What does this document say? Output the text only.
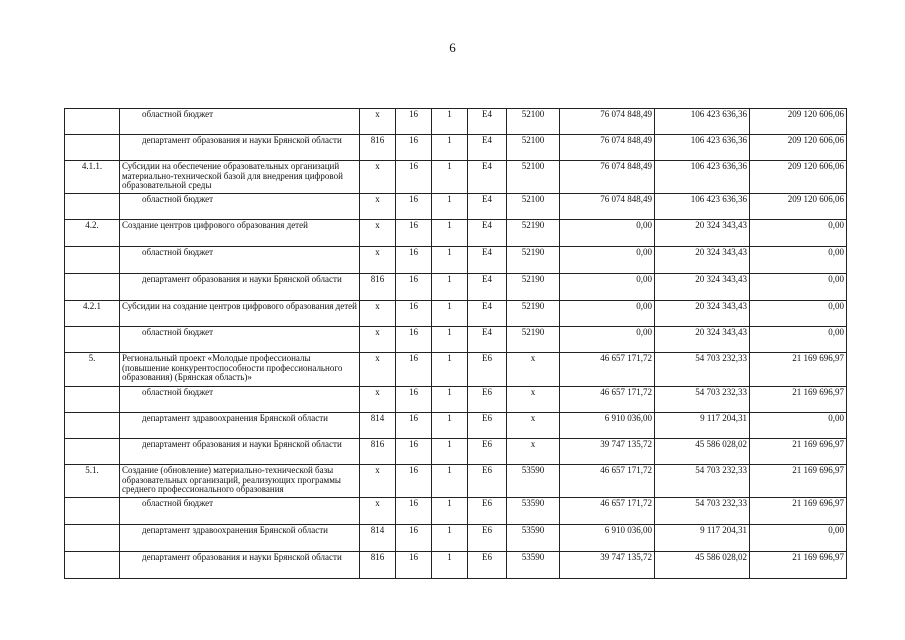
6
	областной бюджет	x	16	1	E4	52100	76 074 848,49	106 423 636,36	209 120 606,06
	департамент образования и науки Брянской области	816	16	1	E4	52100	76 074 848,49	106 423 636,36	209 120 606,06
4.1.1.	Субсидии на обеспечение образовательных организаций материально-технической базой для внедрения цифровой образовательной среды	x	16	1	E4	52100	76 074 848,49	106 423 636,36	209 120 606,06
	областной бюджет	x	16	1	E4	52100	76 074 848,49	106 423 636,36	209 120 606,06
4.2.	Создание центров цифрового образования детей	x	16	1	E4	52190	0,00	20 324 343,43	0,00
	областной бюджет	x	16	1	E4	52190	0,00	20 324 343,43	0,00
	департамент образования и науки Брянской области	816	16	1	E4	52190	0,00	20 324 343,43	0,00
4.2.1	Субсидии на создание центров цифрового образования детей	x	16	1	E4	52190	0,00	20 324 343,43	0,00
	областной бюджет	x	16	1	E4	52190	0,00	20 324 343,43	0,00
5.	Региональный проект «Молодые профессионалы (повышение конкурентоспособности профессионального образования) (Брянская область)»	x	16	1	E6	x	46 657 171,72	54 703 232,33	21 169 696,97
	областной бюджет	x	16	1	E6	x	46 657 171,72	54 703 232,33	21 169 696,97
	департамент здравоохранения Брянской области	814	16	1	E6	x	6 910 036,00	9 117 204,31	0,00
	департамент образования и науки Брянской области	816	16	1	E6	x	39 747 135,72	45 586 028,02	21 169 696,97
5.1.	Создание (обновление) материально-технической базы образовательных организаций, реализующих программы среднего профессионального образования	x	16	1	E6	53590	46 657 171,72	54 703 232,33	21 169 696,97
	областной бюджет	x	16	1	E6	53590	46 657 171,72	54 703 232,33	21 169 696,97
	департамент здравоохранения Брянской области	814	16	1	E6	53590	6 910 036,00	9 117 204,31	0,00
	департамент образования и науки Брянской области	816	16	1	E6	53590	39 747 135,72	45 586 028,02	21 169 696,97
